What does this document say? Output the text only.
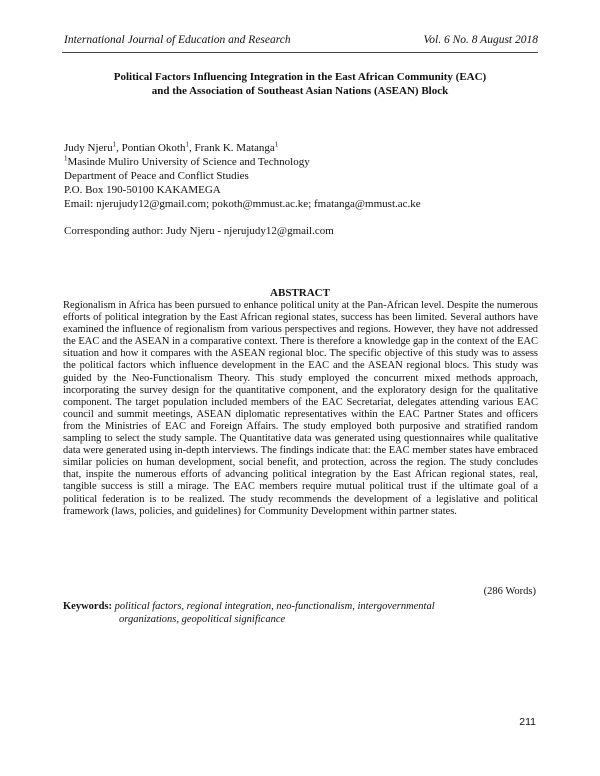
International Journal of Education and Research	Vol. 6 No. 8 August 2018
Political Factors Influencing Integration in the East African Community (EAC)
and the Association of Southeast Asian Nations (ASEAN) Block
Judy Njeru$^1$, Pontian Okoth$^1$, Frank K. Matanga$^1$
$^1$Masinde Muliro University of Science and Technology
Department of Peace and Conflict Studies
P.O. Box 190-50100 KAKAMEGA
Email: njerujudy12@gmail.com; pokoth@mmust.ac.ke; fmatanga@mmust.ac.ke
Corresponding author: Judy Njeru - njerujudy12@gmail.com
ABSTRACT
Regionalism in Africa has been pursued to enhance political unity at the Pan-African level. Despite the numerous efforts of political integration by the East African regional states, success has been limited. Several authors have examined the influence of regionalism from various perspectives and regions. However, they have not addressed the EAC and the ASEAN in a comparative context. There is therefore a knowledge gap in the context of the EAC situation and how it compares with the ASEAN regional bloc. The specific objective of this study was to assess the political factors which influence development in the EAC and the ASEAN regional blocs. This study was guided by the Neo-Functionalism Theory. This study employed the concurrent mixed methods approach, incorporating the survey design for the quantitative component, and the exploratory design for the qualitative component. The target population included members of the EAC Secretariat, delegates attending various EAC council and summit meetings, ASEAN diplomatic representatives within the EAC Partner States and officers from the Ministries of EAC and Foreign Affairs. The study employed both purposive and stratified random sampling to select the study sample. The Quantitative data was generated using questionnaires while qualitative data were generated using in-depth interviews. The findings indicate that: the EAC member states have embraced similar policies on human development, social benefit, and protection, across the region. The study concludes that, inspite the numerous efforts of advancing political integration by the East African regional states, real, tangible success is still a mirage. The EAC members require mutual political trust if the ultimate goal of a political federation is to be realized. The study recommends the development of a legislative and political framework (laws, policies, and guidelines) for Community Development within partner states.
(286 Words)
Keywords: political factors, regional integration, neo-functionalism, intergovernmental
organizations, geopolitical significance
211
